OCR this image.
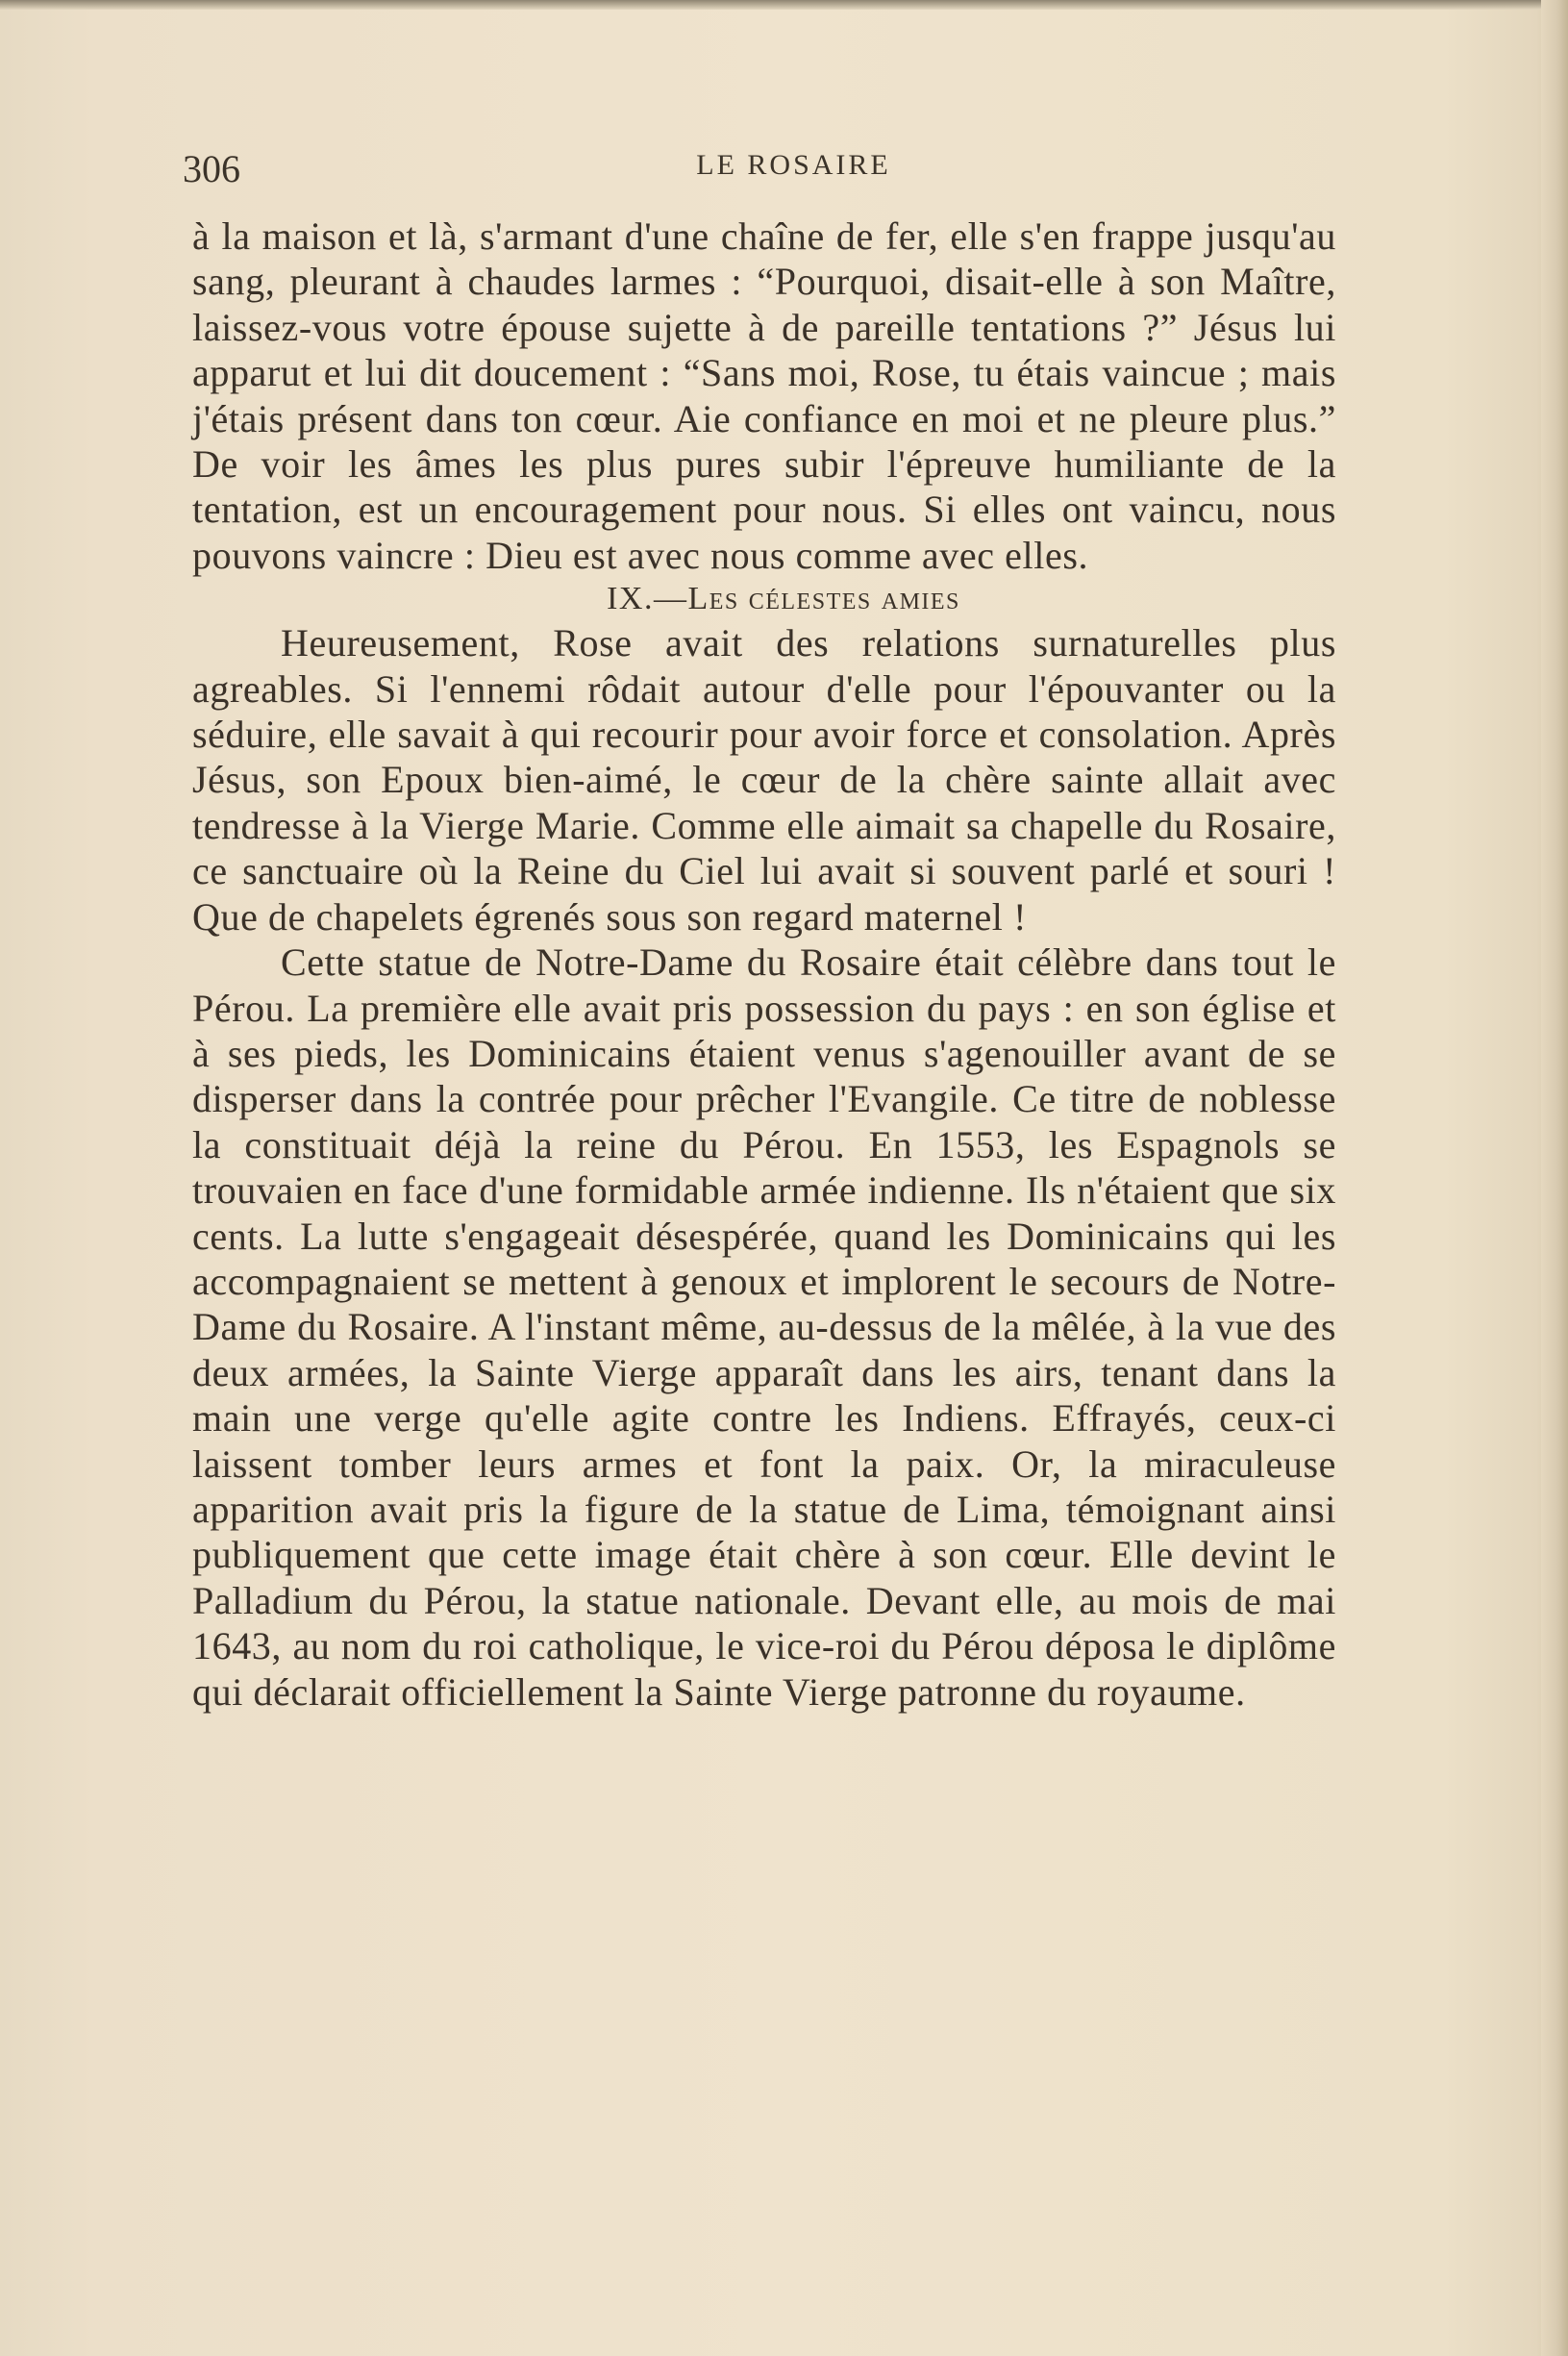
306	LE ROSAIRE

à la maison et là, s'armant d'une chaîne de fer, elle s'en frappe jusqu'au sang, pleurant à chaudes larmes : “Pourquoi, disait-elle à son Maître, laissez-vous votre épouse sujette à de pareille tentations ?” Jésus lui apparut et lui dit doucement : “Sans moi, Rose, tu étais vaincue ; mais j'étais présent dans ton cœur. Aie confiance en moi et ne pleure plus.” De voir les âmes les plus pures subir l'épreuve humiliante de la tentation, est un encouragement pour nous. Si elles ont vaincu, nous pouvons vaincre : Dieu est avec nous comme avec elles.

IX.—Les célestes amies

Heureusement, Rose avait des relations surnaturelles plus agreables. Si l'ennemi rôdait autour d'elle pour l'épouvanter ou la séduire, elle savait à qui recourir pour avoir force et consolation. Après Jésus, son Epoux bien-aimé, le cœur de la chère sainte allait avec tendresse à la Vierge Marie. Comme elle aimait sa chapelle du Rosaire, ce sanctuaire où la Reine du Ciel lui avait si souvent parlé et souri ! Que de chapelets égrenés sous son regard maternel !

Cette statue de Notre-Dame du Rosaire était célèbre dans tout le Pérou. La première elle avait pris possession du pays : en son église et à ses pieds, les Dominicains étaient venus s'agenouiller avant de se disperser dans la contrée pour prêcher l'Evangile. Ce titre de noblesse la constituait déjà la reine du Pérou. En 1553, les Espagnols se trouvaien en face d'une formidable armée indienne. Ils n'étaient que six cents. La lutte s'engageait désespérée, quand les Dominicains qui les accompagnaient se mettent à genoux et implorent le secours de Notre-Dame du Rosaire. A l'instant même, au-dessus de la mêlée, à la vue des deux armées, la Sainte Vierge apparaît dans les airs, tenant dans la main une verge qu'elle agite contre les Indiens. Effrayés, ceux-ci laissent tomber leurs armes et font la paix. Or, la miraculeuse apparition avait pris la figure de la statue de Lima, témoignant ainsi publiquement que cette image était chère à son cœur. Elle devint le Palladium du Pérou, la statue nationale. Devant elle, au mois de mai 1643, au nom du roi catholique, le vice-roi du Pérou déposa le diplôme qui déclarait officiellement la Sainte Vierge patronne du royaume.
